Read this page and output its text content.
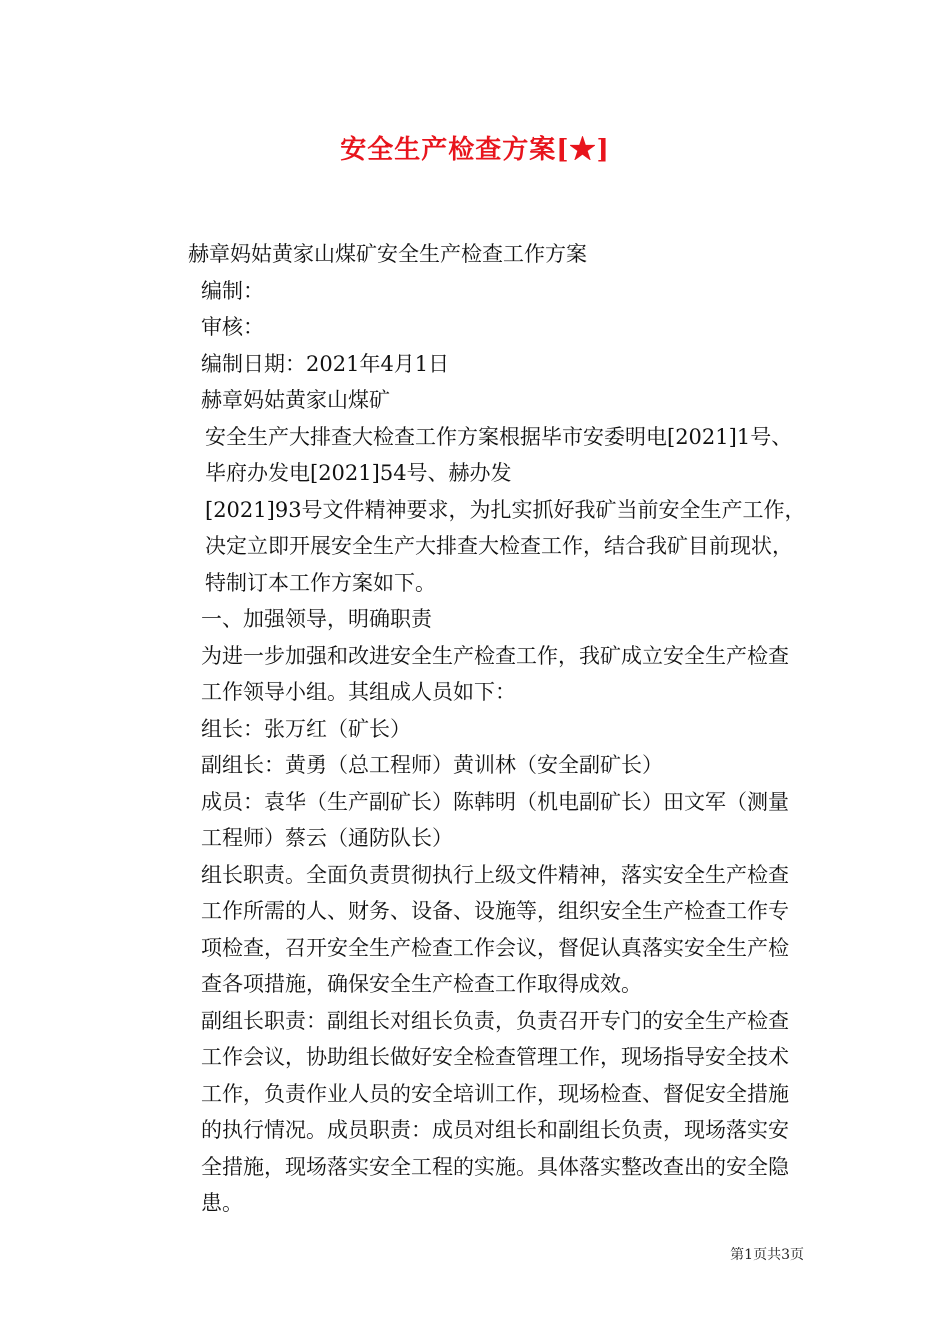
安全生产检查方案[★]

赫章妈姑黄家山煤矿安全生产检查工作方案

编制：

审核：

编制日期：2021年4月1日

赫章妈姑黄家山煤矿

安全生产大排查大检查工作方案根据毕市安委明电[2021]1号、毕府办发电[2021]54号、赫办发

[2021]93号文件精神要求，为扎实抓好我矿当前安全生产工作，决定立即开展安全生产大排查大检查工作，结合我矿目前现状，特制订本工作方案如下。

一、加强领导，明确职责

为进一步加强和改进安全生产检查工作，我矿成立安全生产检查工作领导小组。其组成人员如下：

组长：张万红（矿长）

副组长：黄勇（总工程师）黄训林（安全副矿长）

成员：袁华（生产副矿长）陈韩明（机电副矿长）田文军（测量工程师）蔡云（通防队长）

组长职责。全面负责贯彻执行上级文件精神，落实安全生产检查工作所需的人、财务、设备、设施等，组织安全生产检查工作专项检查，召开安全生产检查工作会议，督促认真落实安全生产检查各项措施，确保安全生产检查工作取得成效。

副组长职责：副组长对组长负责，负责召开专门的安全生产检查工作会议，协助组长做好安全检查管理工作，现场指导安全技术工作，负责作业人员的安全培训工作，现场检查、督促安全措施的执行情况。成员职责：成员对组长和副组长负责，现场落实安全措施，现场落实安全工程的实施。具体落实整改查出的安全隐患。

第1页共3页
